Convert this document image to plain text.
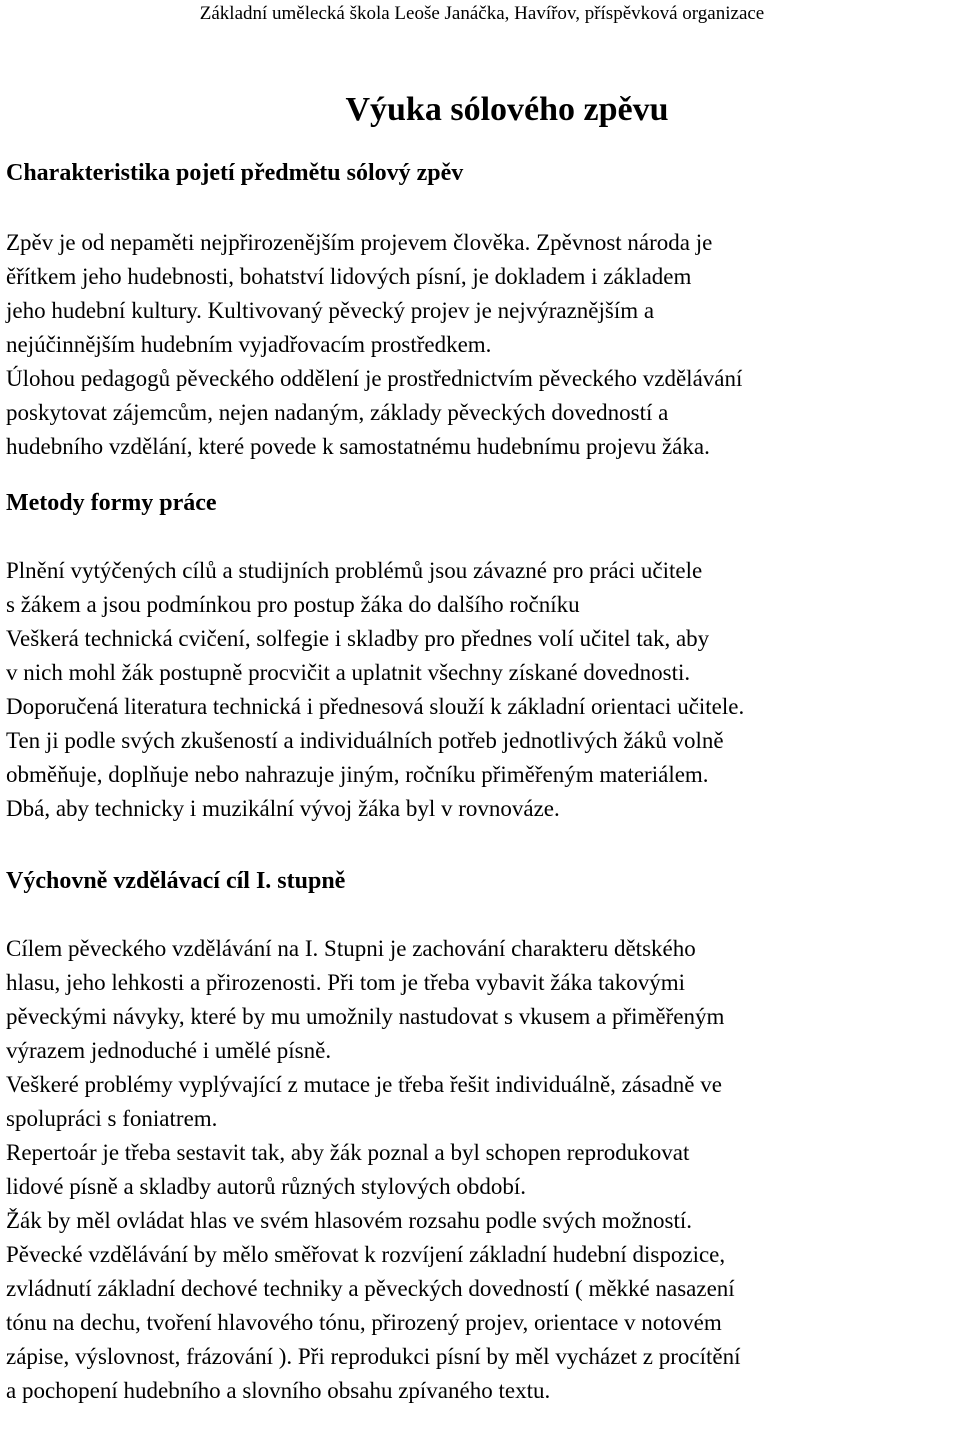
Základní umělecká škola Leoše Janáčka, Havířov, příspěvková organizace
Výuka sólového zpěvu
Charakteristika pojetí předmětu sólový zpěv

Zpěv je od nepaměti nejpřirozenějším projevem člověka. Zpěvnost národa je
ěřítkem jeho hudebnosti, bohatství lidových písní, je dokladem i základem
jeho hudební kultury. Kultivovaný pěvecký projev je nejvýraznějším a
nejúčinnějším hudebním vyjadřovacím prostředkem.
Úlohou pedagogů pěveckého oddělení je prostřednictvím pěveckého vzdělávání
poskytovat zájemcům, nejen nadaným, základy pěveckých dovedností a
hudebního vzdělání, které povede k samostatnému hudebnímu projevu žáka.

Metody formy práce

Plnění vytýčených cílů a studijních problémů jsou závazné pro práci učitele
s žákem a jsou podmínkou pro postup žáka do dalšího ročníku
Veškerá technická cvičení, solfegie i skladby pro přednes volí učitel tak, aby
v nich mohl žák postupně procvičit a uplatnit všechny získané dovednosti.
Doporučená literatura technická i přednesová slouží k základní orientaci učitele.
Ten ji podle svých zkušeností a individuálních potřeb jednotlivých žáků volně
obměňuje, doplňuje nebo nahrazuje jiným, ročníku přiměřeným materiálem.
Dbá, aby technicky i muzikální vývoj žáka byl v rovnováze.

Výchovně vzdělávací cíl I. stupně

Cílem pěveckého vzdělávání na I. Stupni je zachování charakteru dětského
hlasu, jeho lehkosti a přirozenosti. Při tom je třeba vybavit žáka takovými
pěveckými návyky, které by mu umožnily nastudovat s vkusem a přiměřeným
výrazem jednoduché i umělé písně.
Veškeré problémy vyplývající z mutace je třeba řešit individuálně, zásadně ve
spolupráci s foniatrem.
Repertoár je třeba sestavit tak, aby žák poznal a byl schopen reprodukovat
lidové písně a skladby autorů různých stylových období.
Žák by měl ovládat hlas ve svém hlasovém rozsahu podle svých možností.
Pěvecké vzdělávání by mělo směřovat k rozvíjení základní hudební dispozice,
zvládnutí základní dechové techniky a pěveckých dovedností ( měkké nasazení
tónu na dechu, tvoření hlavového tónu, přirozený projev, orientace v notovém
zápise, výslovnost, frázování ). Při reprodukci písní by měl vycházet z procítění
a pochopení hudebního a slovního obsahu zpívaného textu.
